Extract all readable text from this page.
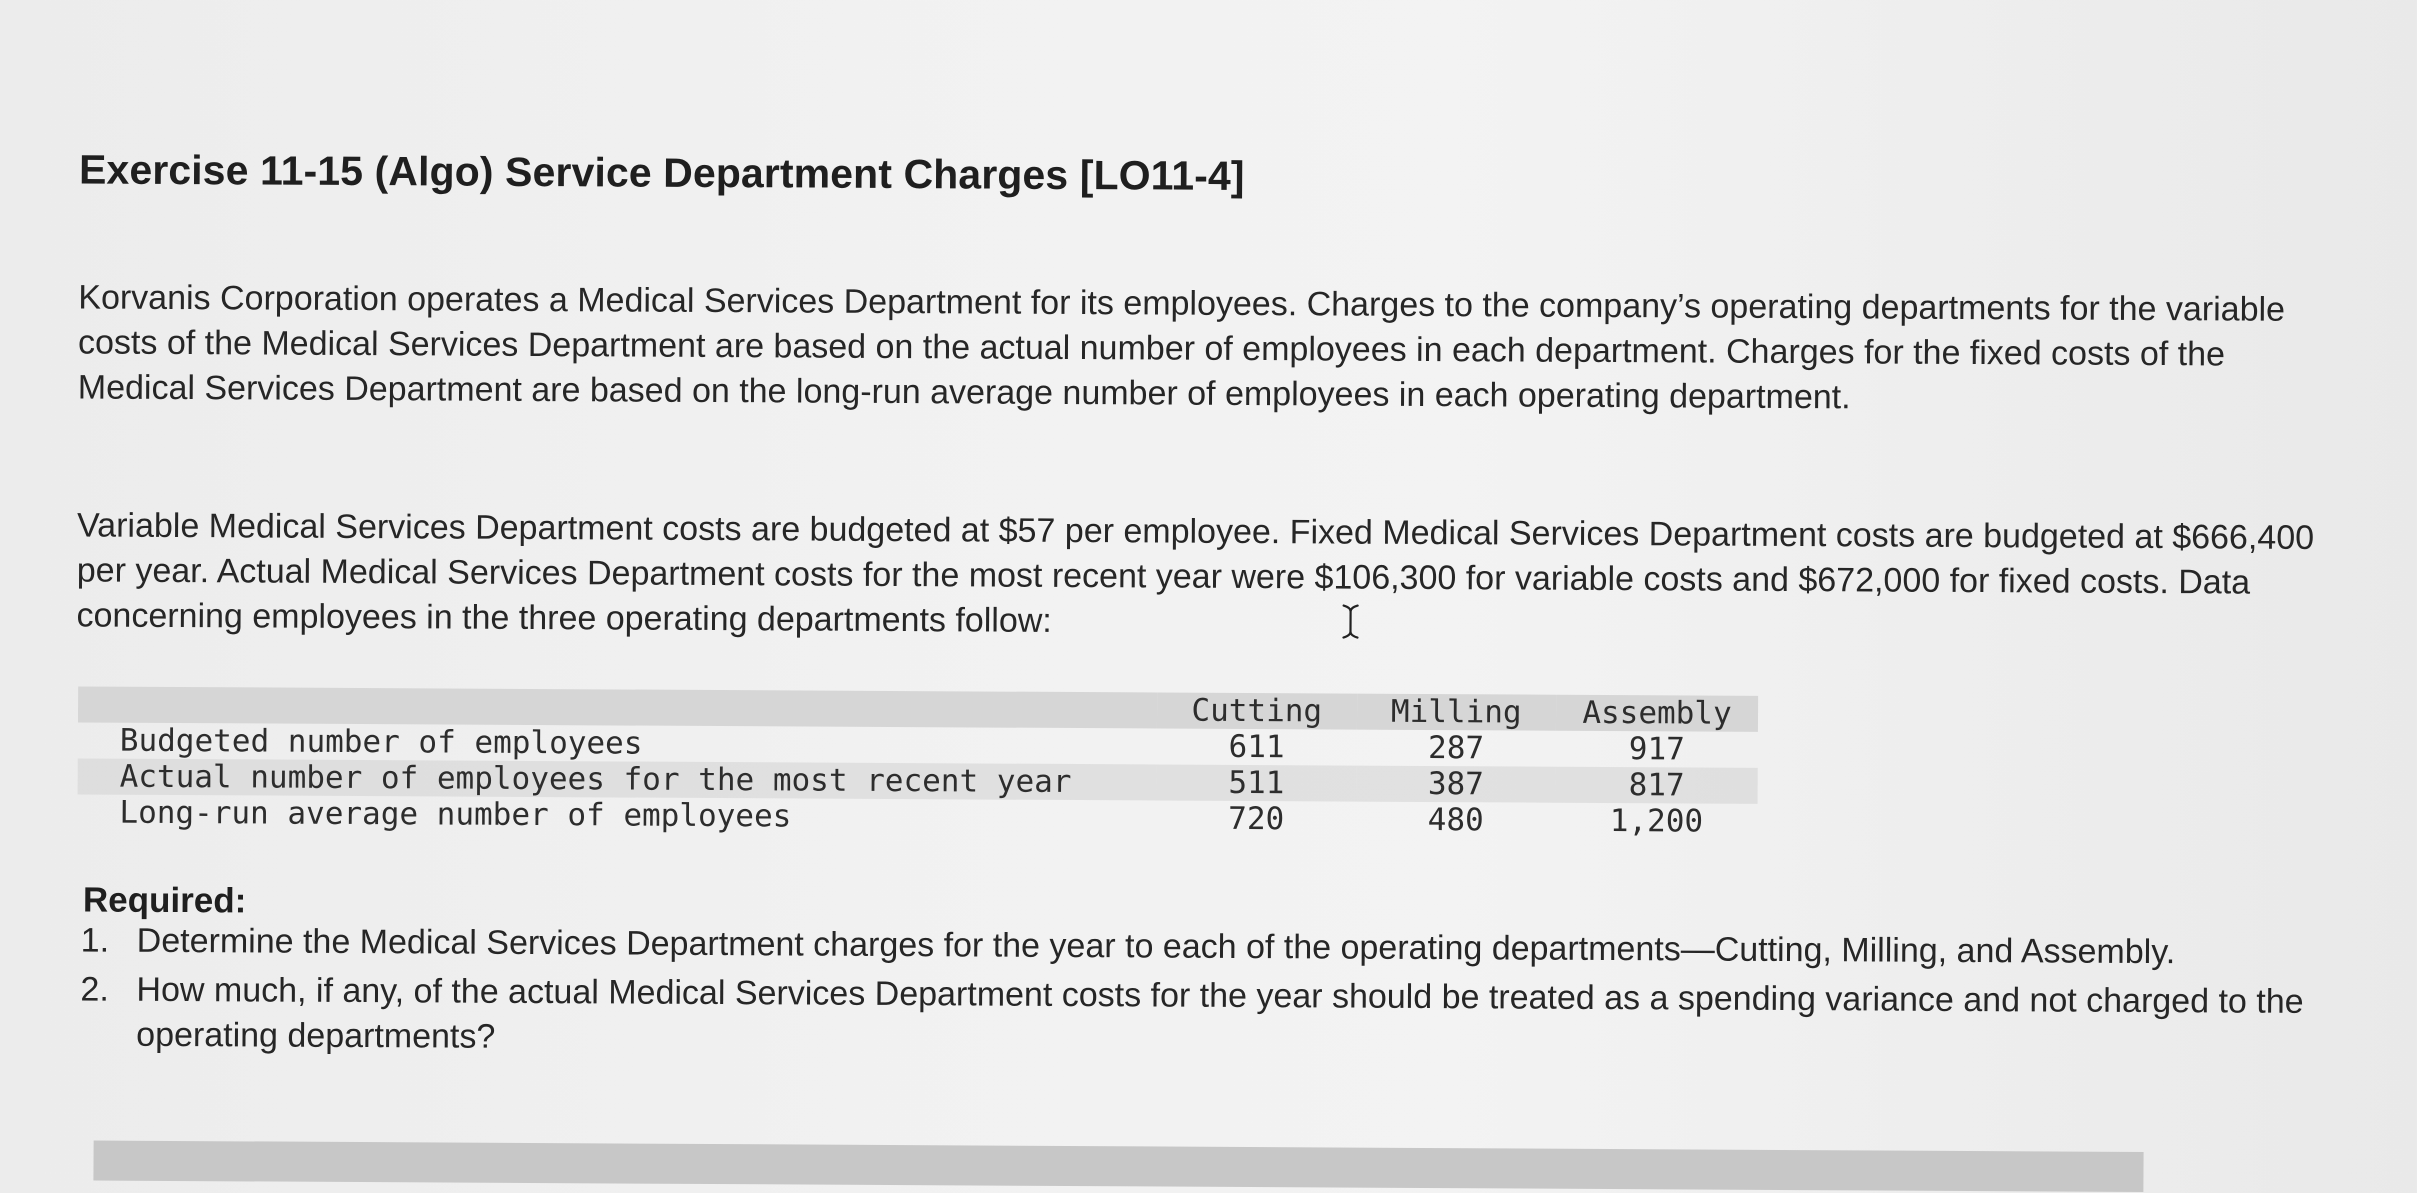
Exercise 11-15 (Algo) Service Department Charges [LO11-4]

Korvanis Corporation operates a Medical Services Department for its employees. Charges to the company’s operating departments for the variable costs of the Medical Services Department are based on the actual number of employees in each department. Charges for the fixed costs of the Medical Services Department are based on the long-run average number of employees in each operating department.

Variable Medical Services Department costs are budgeted at $57 per employee. Fixed Medical Services Department costs are budgeted at $666,400 per year. Actual Medical Services Department costs for the most recent year were $106,300 for variable costs and $672,000 for fixed costs. Data concerning employees in the three operating departments follow:

	Cutting	Milling	Assembly
Budgeted number of employees	611	287	917
Actual number of employees for the most recent year	511	387	817
Long-run average number of employees	720	480	1,200
Required:
1. Determine the Medical Services Department charges for the year to each of the operating departments—Cutting, Milling, and Assembly.
2. How much, if any, of the actual Medical Services Department costs for the year should be treated as a spending variance and not charged to the operating departments?
